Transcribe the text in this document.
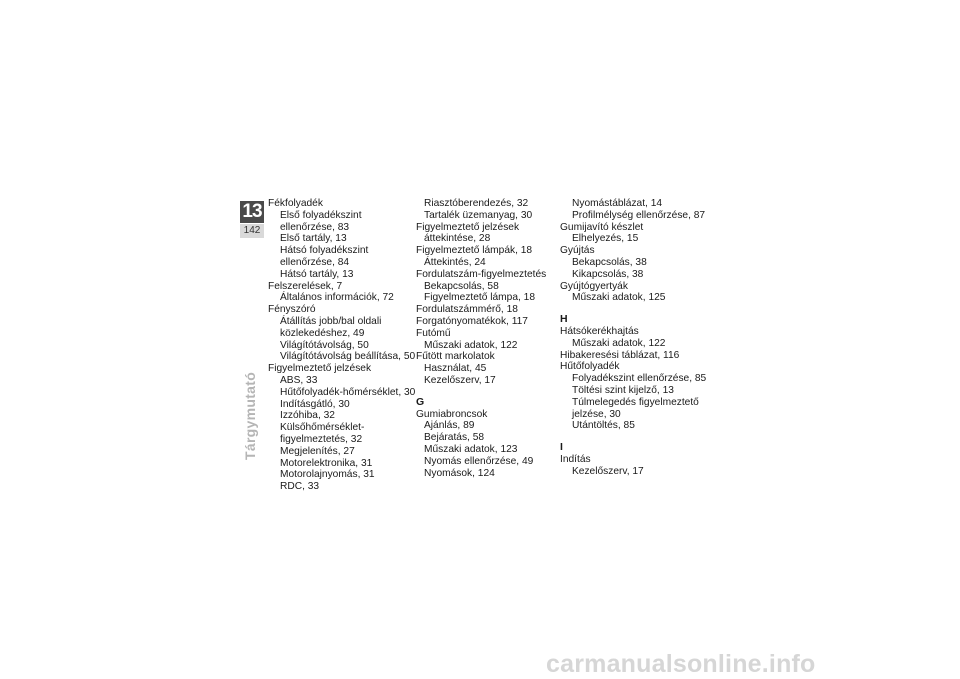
13
142
Tárgymutató
Fékfolyadék
Első folyadékszint
ellenőrzése, 83
Első tartály, 13
Hátsó folyadékszint
ellenőrzése, 84
Hátsó tartály, 13
Felszerelések, 7
Általános információk, 72
Fényszóró
Átállítás jobb/bal oldali
közlekedéshez, 49
Világítótávolság, 50
Világítótávolság beállítása, 50
Figyelmeztető jelzések
ABS, 33
Hűtőfolyadék-hőmérséklet, 30
Indításgátló, 30
Izzóhiba, 32
Külsőhőmérséklet-
figyelmeztetés, 32
Megjelenítés, 27
Motorelektronika, 31
Motorolajnyomás, 31
RDC, 33
Riasztóberendezés, 32
Tartalék üzemanyag, 30
Figyelmeztető jelzések
áttekintése, 28
Figyelmeztető lámpák, 18
Áttekintés, 24
Fordulatszám-figyelmeztetés
Bekapcsolás, 58
Figyelmeztető lámpa, 18
Fordulatszámmérő, 18
Forgatónyomatékok, 117
Futómű
Műszaki adatok, 122
Fűtött markolatok
Használat, 45
Kezelőszerv, 17
G
Gumiabroncsok
Ajánlás, 89
Bejáratás, 58
Műszaki adatok, 123
Nyomás ellenőrzése, 49
Nyomások, 124
Nyomástáblázat, 14
Profilmélység ellenőrzése, 87
Gumijavító készlet
Elhelyezés, 15
Gyújtás
Bekapcsolás, 38
Kikapcsolás, 38
Gyújtógyertyák
Műszaki adatok, 125
H
Hátsókerékhajtás
Műszaki adatok, 122
Hibakeresési táblázat, 116
Hűtőfolyadék
Folyadékszint ellenőrzése, 85
Töltési szint kijelző, 13
Túlmelegedés figyelmeztető
jelzése, 30
Utántöltés, 85
I
Indítás
Kezelőszerv, 17
carmanualsonline.info
